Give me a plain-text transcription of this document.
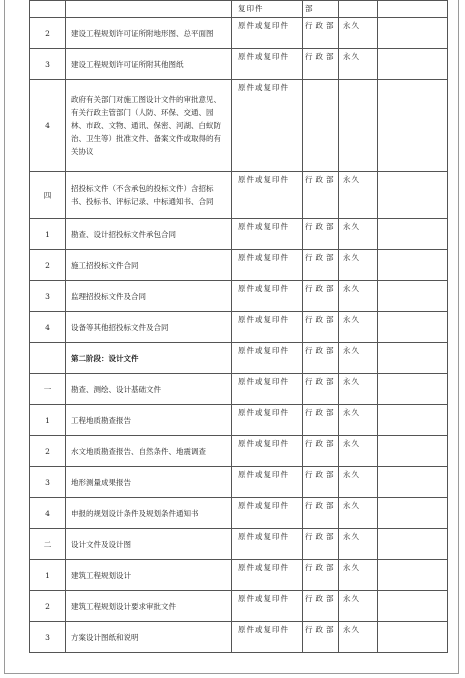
		复印件	部		
2	建设工程规划许可证所附地形图、总平面图	原件或复印件	行政部	永久	
3	建设工程规划许可证所附其他图纸	原件或复印件	行政部	永久	
4	政府有关部门对施工图设计文件的审批意见、有关行政主管部门（人防、环保、交通、园林、市政、文物、通讯、保密、河湖、白蚁防治、卫生等）批准文件、备案文件或取得的有关协议	原件或复印件			
四	招投标文件（不含承包的投标文件）含招标书、投标书、评标记录、中标通知书、合同	原件或复印件	行政部	永久	
1	勘查、设计招投标文件承包合同	原件或复印件	行政部	永久	
2	施工招投标文件合同	原件或复印件	行政部	永久	
3	监理招投标文件及合同	原件或复印件	行政部	永久	
4	设备等其他招投标文件及合同	原件或复印件	行政部	永久	
	第二阶段：设计文件	原件或复印件	行政部	永久	
一	勘查、测绘、设计基础文件	原件或复印件	行政部	永久	
1	工程地质勘查报告	原件或复印件	行政部	永久	
2	水文地质勘查报告、自然条件、地震调查	原件或复印件	行政部	永久	
3	地形测量成果报告	原件或复印件	行政部	永久	
4	申报的规划设计条件及规划条件通知书	原件或复印件	行政部	永久	
二	设计文件及设计图	原件或复印件	行政部	永久	
1	建筑工程规划设计	原件或复印件	行政部	永久	
2	建筑工程规划设计要求审批文件	原件或复印件	行政部	永久	
3	方案设计图纸和说明	原件或复印件	行政部	永久	
